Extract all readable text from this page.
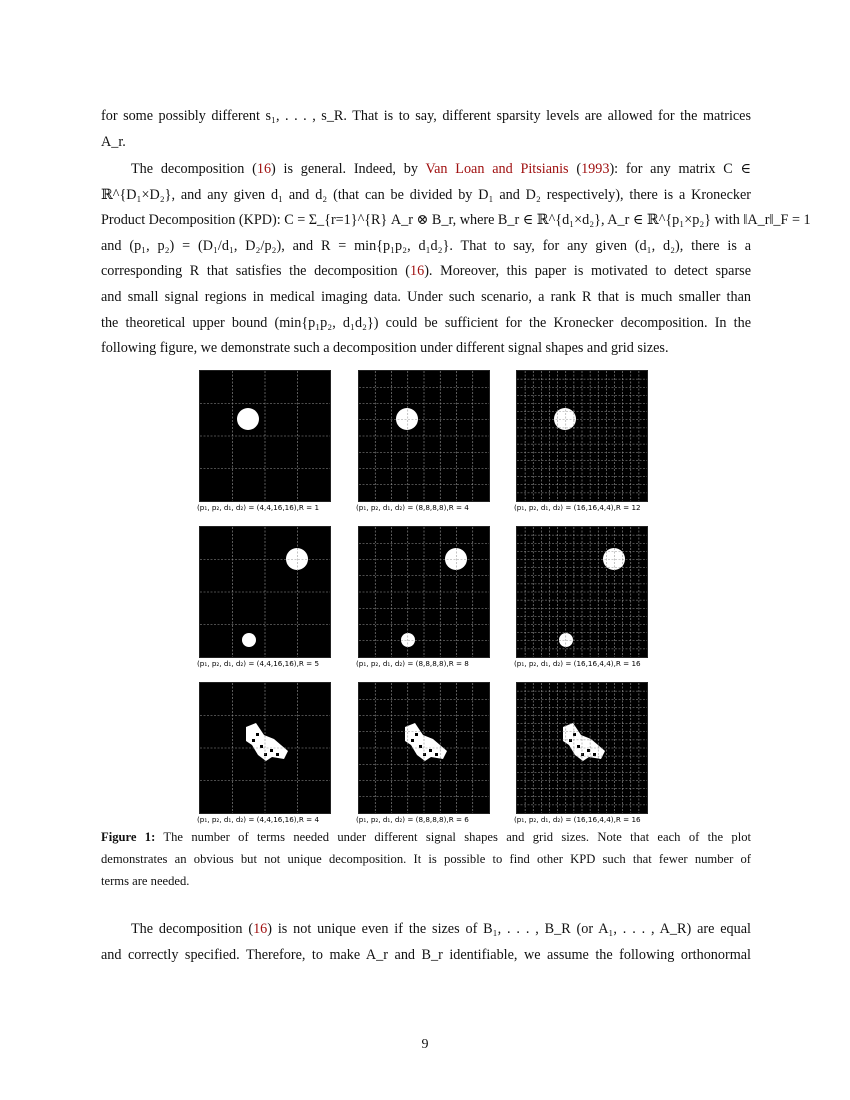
for some possibly different s₁, . . . , s_R. That is to say, different sparsity levels are allowed for the matrices
A_r.
The decomposition (16) is general. Indeed, by Van Loan and Pitsianis (1993): for any matrix C ∈
ℝ^{D₁×D₂}, and any given d₁ and d₂ (that can be divided by D₁ and D₂ respectively), there is a Kronecker
Product Decomposition (KPD): C = Σ_{r=1}^{R} A_r ⊗ B_r, where B_r ∈ ℝ^{d₁×d₂}, A_r ∈ ℝ^{p₁×p₂} with ‖A_r‖_F = 1
and (p₁, p₂) = (D₁/d₁, D₂/p₂), and R = min{p₁p₂, d₁d₂}. That to say, for any given (d₁, d₂), there is a
corresponding R that satisfies the decomposition (16). Moreover, this paper is motivated to detect sparse
and small signal regions in medical imaging data. Under such scenario, a rank R that is much smaller than
the theoretical upper bound (min{p₁p₂, d₁d₂}) could be sufficient for the Kronecker decomposition. In the
following figure, we demonstrate such a decomposition under different signal shapes and grid sizes.
(p₁, p₂, d₁, d₂) = (4,4,16,16),R = 1	(p₁, p₂, d₁, d₂) = (8,8,8,8),R = 4	(p₁, p₂, d₁, d₂) = (16,16,4,4),R = 12
(p₁, p₂, d₁, d₂) = (4,4,16,16),R = 5	(p₁, p₂, d₁, d₂) = (8,8,8,8),R = 8	(p₁, p₂, d₁, d₂) = (16,16,4,4),R = 16
(p₁, p₂, d₁, d₂) = (4,4,16,16),R = 4	(p₁, p₂, d₁, d₂) = (8,8,8,8),R = 6	(p₁, p₂, d₁, d₂) = (16,16,4,4),R = 16
Figure 1: The number of terms needed under different signal shapes and grid sizes. Note that each of the plot
demonstrates an obvious but not unique decomposition. It is possible to find other KPD such that fewer number of
terms are needed.
The decomposition (16) is not unique even if the sizes of B₁, . . . , B_R (or A₁, . . . , A_R) are equal
and correctly specified. Therefore, to make A_r and B_r identifiable, we assume the following orthonormal
9
